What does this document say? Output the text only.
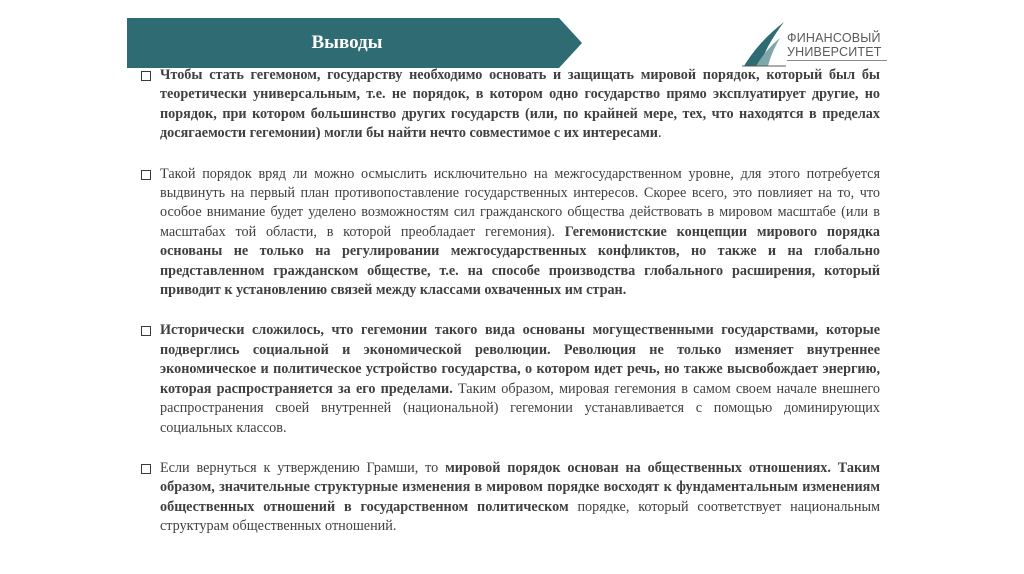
Выводы	ФИНАНСОВЫЙ
УНИВЕРСИТЕТ
Чтобы стать гегемоном, государству необходимо основать и защищать мировой порядок, который был бы теоретически универсальным, т.е. не порядок, в котором одно государство прямо эксплуатирует другие, но порядок, при котором большинство других государств (или, по крайней мере, тех, что находятся в пределах досягаемости гегемонии) могли бы найти нечто совместимое с их интересами.
Такой порядок вряд ли можно осмыслить исключительно на межгосударственном уровне, для этого потребуется выдвинуть на первый план противопоставление государственных интересов. Скорее всего, это повлияет на то, что особое внимание будет уделено возможностям сил гражданского общества действовать в мировом масштабе (или в масштабах той области, в которой преобладает гегемония). Гегемонистские концепции мирового порядка основаны не только на регулировании межгосударственных конфликтов, но также и на глобально представленном гражданском обществе, т.е. на способе производства глобального расширения, который приводит к установлению связей между классами охваченных им стран.
Исторически сложилось, что гегемонии такого вида основаны могущественными государствами, которые подверглись социальной и экономической революции. Революция не только изменяет внутреннее экономическое и политическое устройство государства, о котором идет речь, но также высвобождает энергию, которая распространяется за его пределами. Таким образом, мировая гегемония в самом своем начале внешнего распространения своей внутренней (национальной) гегемонии устанавливается с помощью доминирующих социальных классов.
Если вернуться к утверждению Грамши, то мировой порядок основан на общественных отношениях. Таким образом, значительные структурные изменения в мировом порядке восходят к фундаментальным изменениям общественных отношений в государственном политическом порядке, который соответствует национальным структурам общественных отношений.
